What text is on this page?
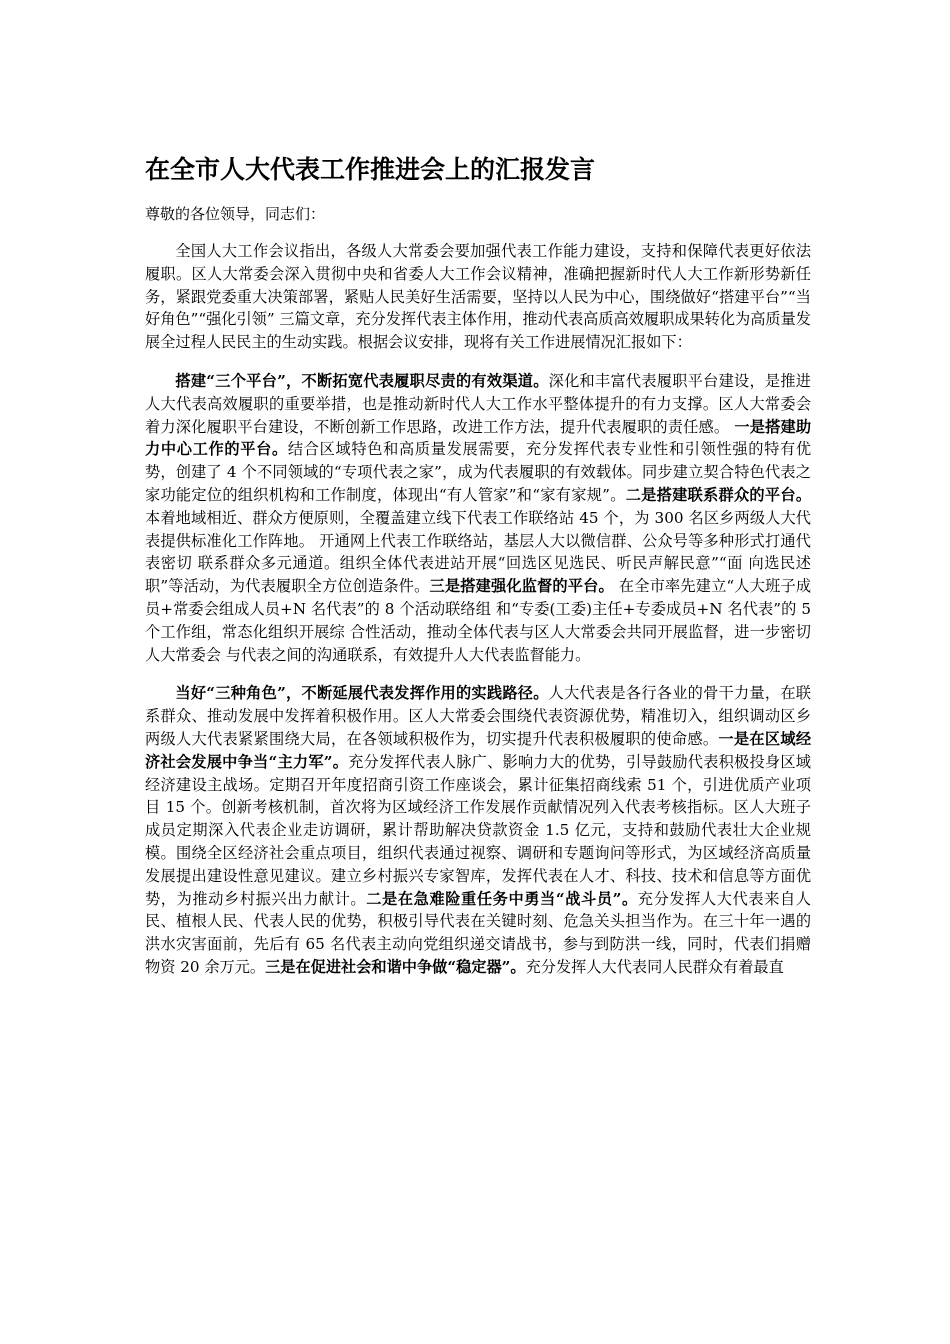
在全市人大代表工作推进会上的汇报发言

尊敬的各位领导，同志们：

全国人大工作会议指出，各级人大常委会要加强代表工作能力建设，支持和保障代表更好依法履职。区人大常委会深入贯彻中央和省委人大工作会议精神，准确把握新时代人大工作新形势新任务，紧跟党委重大决策部署，紧贴人民美好生活需要，坚持以人民为中心，围绕做好“搭建平台”“当好角色”“强化引领” 三篇文章，充分发挥代表主体作用，推动代表高质高效履职成果转化为高质量发 展全过程人民民主的生动实践。根据会议安排，现将有关工作进展情况汇报如下：

搭建“三个平台”，不断拓宽代表履职尽责的有效渠道。深化和丰富代表履职平台建设，是推进人大代表高效履职的重要举措，也是推动新时代人大工作水平整体提升的有力支撑。区人大常委会着力深化履职平台建设，不断创新工作思路，改进工作方法，提升代表履职的责任感。 一是搭建助力中心工作的平台。结合区域特色和高质量发展需要，充分发挥代表专业性和引领性强的特有优势，创建了 4 个不同领域的“专项代表之家”，成为代表履职的有效载体。同步建立契合特色代表之家功能定位的组织机构和工作制度，体现出“有人管家”和“家有家规”。二是搭建联系群众的平台。本着地域相近、群众方便原则，全覆盖建立线下代表工作联络站 45 个，为 300 名区乡两级人大代表提供标准化工作阵地。 开通网上代表工作联络站，基层人大以微信群、公众号等多种形式打通代表密切 联系群众多元通道。组织全体代表进站开展“回选区见选民、听民声解民意”“面 向选民述职”等活动，为代表履职全方位创造条件。三是搭建强化监督的平台。 在全市率先建立“人大班子成员+常委会组成人员+N 名代表”的 8 个活动联络组 和“专委(工委)主任+专委成员+N 名代表”的 5 个工作组，常态化组织开展综 合性活动，推动全体代表与区人大常委会共同开展监督，进一步密切人大常委会 与代表之间的沟通联系，有效提升人大代表监督能力。

当好“三种角色”，不断延展代表发挥作用的实践路径。人大代表是各行各业的骨干力量，在联系群众、推动发展中发挥着积极作用。区人大常委会围绕代表资源优势，精准切入，组织调动区乡两级人大代表紧紧围绕大局，在各领域积极作为，切实提升代表积极履职的使命感。一是在区域经济社会发展中争当“主力军”。充分发挥代表人脉广、影响力大的优势，引导鼓励代表积极投身区域经济建设主战场。定期召开年度招商引资工作座谈会，累计征集招商线索 51 个，引进优质产业项目 15 个。创新考核机制，首次将为区域经济工作发展作贡献情况列入代表考核指标。区人大班子成员定期深入代表企业走访调研，累计帮助解决贷款资金 1.5 亿元，支持和鼓励代表壮大企业规模。围绕全区经济社会重点项目，组织代表通过视察、调研和专题询问等形式，为区域经济高质量发展提出建设性意见建议。建立乡村振兴专家智库，发挥代表在人才、科技、技术和信息等方面优势，为推动乡村振兴出力献计。二是在急难险重任务中勇当“战斗员”。充分发挥人大代表来自人民、植根人民、代表人民的优势，积极引导代表在关键时刻、危急关头担当作为。在三十年一遇的洪水灾害面前，先后有 65 名代表主动向党组织递交请战书，参与到防洪一线，同时，代表们捐赠物资 20 余万元。三是在促进社会和谐中争做“稳定器”。充分发挥人大代表同人民群众有着最直
